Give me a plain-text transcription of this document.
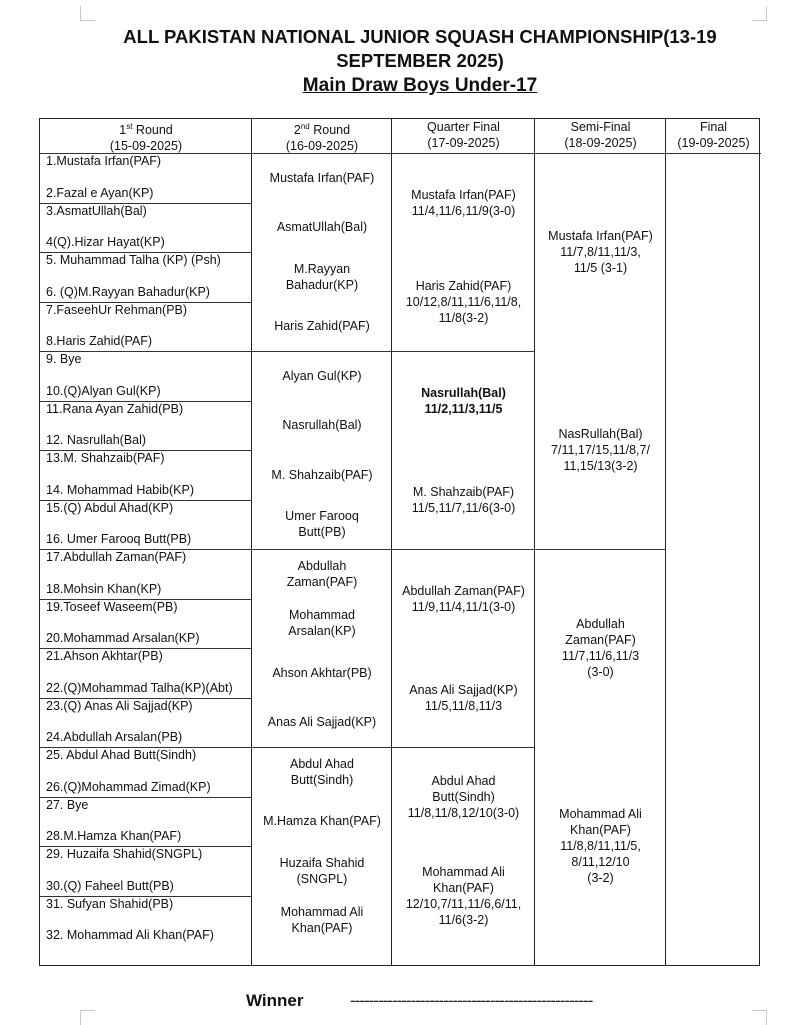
ALL PAKISTAN NATIONAL JUNIOR SQUASH CHAMPIONSHIP(13-19
SEPTEMBER 2025)
Main Draw Boys Under-17
1st Round
(15-09-2025)
2nd Round
(16-09-2025)
Quarter Final
(17-09-2025)
Semi-Final
(18-09-2025)
Final
(19-09-2025)
1.Mustafa Irfan(PAF)
2.Fazal e Ayan(KP)
3.AsmatUllah(Bal)
4(Q).Hizar Hayat(KP)
5. Muhammad Talha (KP) (Psh)
6. (Q)M.Rayyan Bahadur(KP)
7.FaseehUr Rehman(PB)
8.Haris Zahid(PAF)
9. Bye
10.(Q)Alyan Gul(KP)
11.Rana Ayan Zahid(PB)
12. Nasrullah(Bal)
13.M. Shahzaib(PAF)
14. Mohammad Habib(KP)
15.(Q) Abdul Ahad(KP)
16. Umer Farooq Butt(PB)
17.Abdullah Zaman(PAF)
18.Mohsin Khan(KP)
19.Toseef Waseem(PB)
20.Mohammad Arsalan(KP)
21.Ahson Akhtar(PB)
22.(Q)Mohammad Talha(KP)(Abt)
23.(Q) Anas Ali Sajjad(KP)
24.Abdullah Arsalan(PB)
25. Abdul Ahad Butt(Sindh)
26.(Q)Mohammad Zimad(KP)
27. Bye
28.M.Hamza Khan(PAF)
29. Huzaifa Shahid(SNGPL)
30.(Q) Faheel Butt(PB)
31. Sufyan Shahid(PB)
32. Mohammad Ali Khan(PAF)
Mustafa Irfan(PAF)
AsmatUllah(Bal)
M.Rayyan
Bahadur(KP)
Haris Zahid(PAF)
Alyan Gul(KP)
Nasrullah(Bal)
M. Shahzaib(PAF)
Umer Farooq
Butt(PB)
Abdullah
Zaman(PAF)
Mohammad
Arsalan(KP)
Ahson Akhtar(PB)
Anas Ali Sajjad(KP)
Abdul Ahad
Butt(Sindh)
M.Hamza Khan(PAF)
Huzaifa Shahid
(SNGPL)
Mohammad Ali
Khan(PAF)
Mustafa Irfan(PAF)
11/4,11/6,11/9(3-0)
Haris Zahid(PAF)
10/12,8/11,11/6,11/8,
11/8(3-2)
Nasrullah(Bal)
11/2,11/3,11/5
M. Shahzaib(PAF)
11/5,11/7,11/6(3-0)
Abdullah Zaman(PAF)
11/9,11/4,11/1(3-0)
Anas Ali Sajjad(KP)
11/5,11/8,11/3
Abdul Ahad
Butt(Sindh)
11/8,11/8,12/10(3-0)
Mohammad Ali
Khan(PAF)
12/10,7/11,11/6,6/11,
11/6(3-2)
Mustafa Irfan(PAF)
11/7,8/11,11/3,
11/5 (3-1)
NasRullah(Bal)
7/11,17/15,11/8,7/
11,15/13(3-2)
Abdullah
Zaman(PAF)
11/7,11/6,11/3
(3-0)
Mohammad Ali
Khan(PAF)
11/8,8/11,11/5,
8/11,12/10
(3-2)
Winner	----------------------------------------------------
